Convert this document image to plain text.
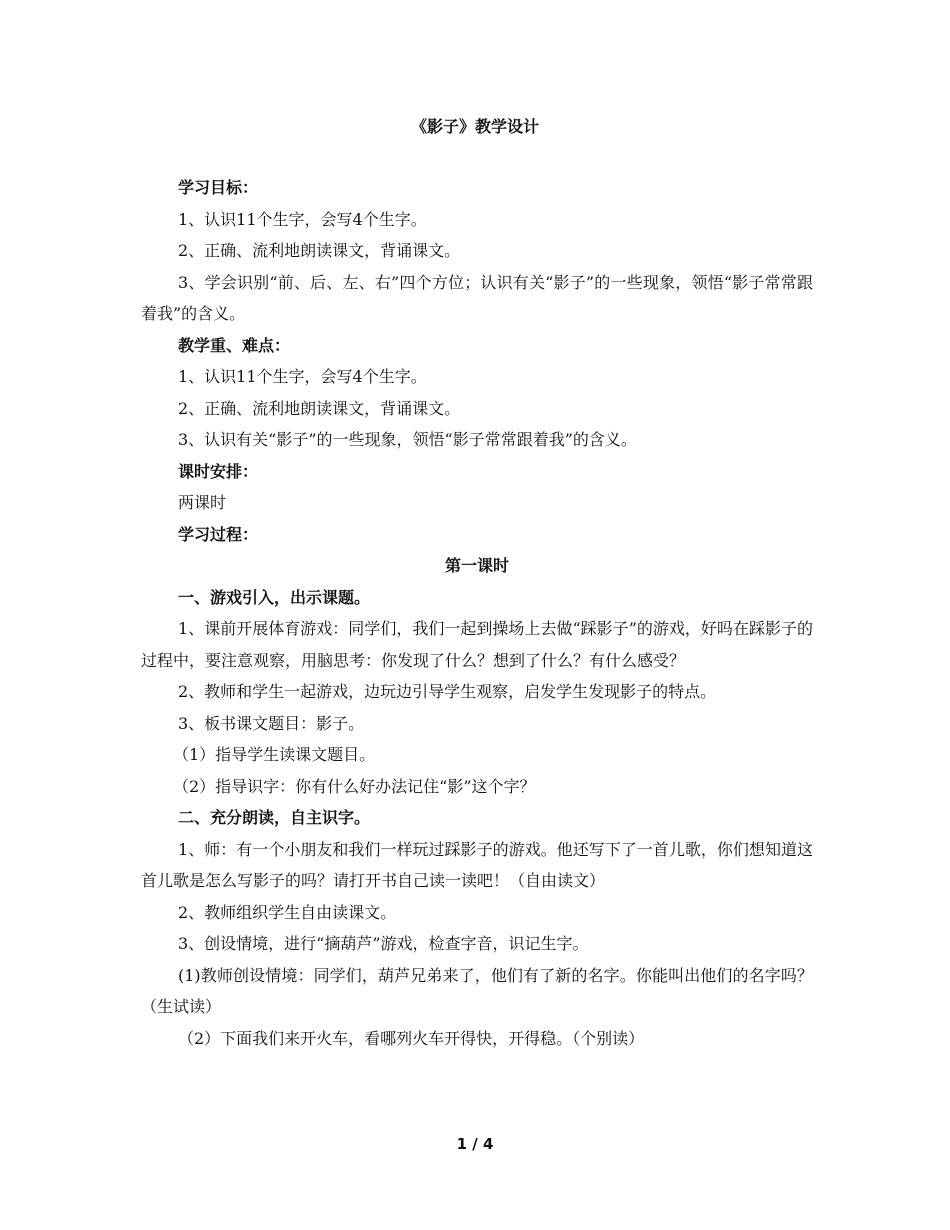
《影子》教学设计

学习目标：

1、认识11个生字，会写4个生字。

2、正确、流利地朗读课文，背诵课文。

3、学会识别“前、后、左、右”四个方位；认识有关“影子”的一些现象，领悟“影子常常跟着我”的含义。

教学重、难点：

1、认识11个生字，会写4个生字。

2、正确、流利地朗读课文，背诵课文。

3、认识有关“影子”的一些现象，领悟“影子常常跟着我”的含义。

课时安排：

两课时

学习过程：

第一课时

一、游戏引入，出示课题。

1、课前开展体育游戏：同学们，我们一起到操场上去做“踩影子”的游戏，好吗在踩影子的过程中，要注意观察，用脑思考：你发现了什么？想到了什么？有什么感受？

2、教师和学生一起游戏，边玩边引导学生观察，启发学生发现影子的特点。

3、板书课文题目：影子。

（1）指导学生读课文题目。

（2）指导识字：你有什么好办法记住“影”这个字？

二、充分朗读，自主识字。

1、师：有一个小朋友和我们一样玩过踩影子的游戏。他还写下了一首儿歌，你们想知道这首儿歌是怎么写影子的吗？请打开书自己读一读吧！（自由读文）

2、教师组织学生自由读课文。

3、创设情境，进行“摘葫芦”游戏，检查字音，识记生字。

(1)教师创设情境：同学们，葫芦兄弟来了，他们有了新的名字。你能叫出他们的名字吗？（生试读）

（2）下面我们来开火车，看哪列火车开得快，开得稳。（个别读）

1 / 4
